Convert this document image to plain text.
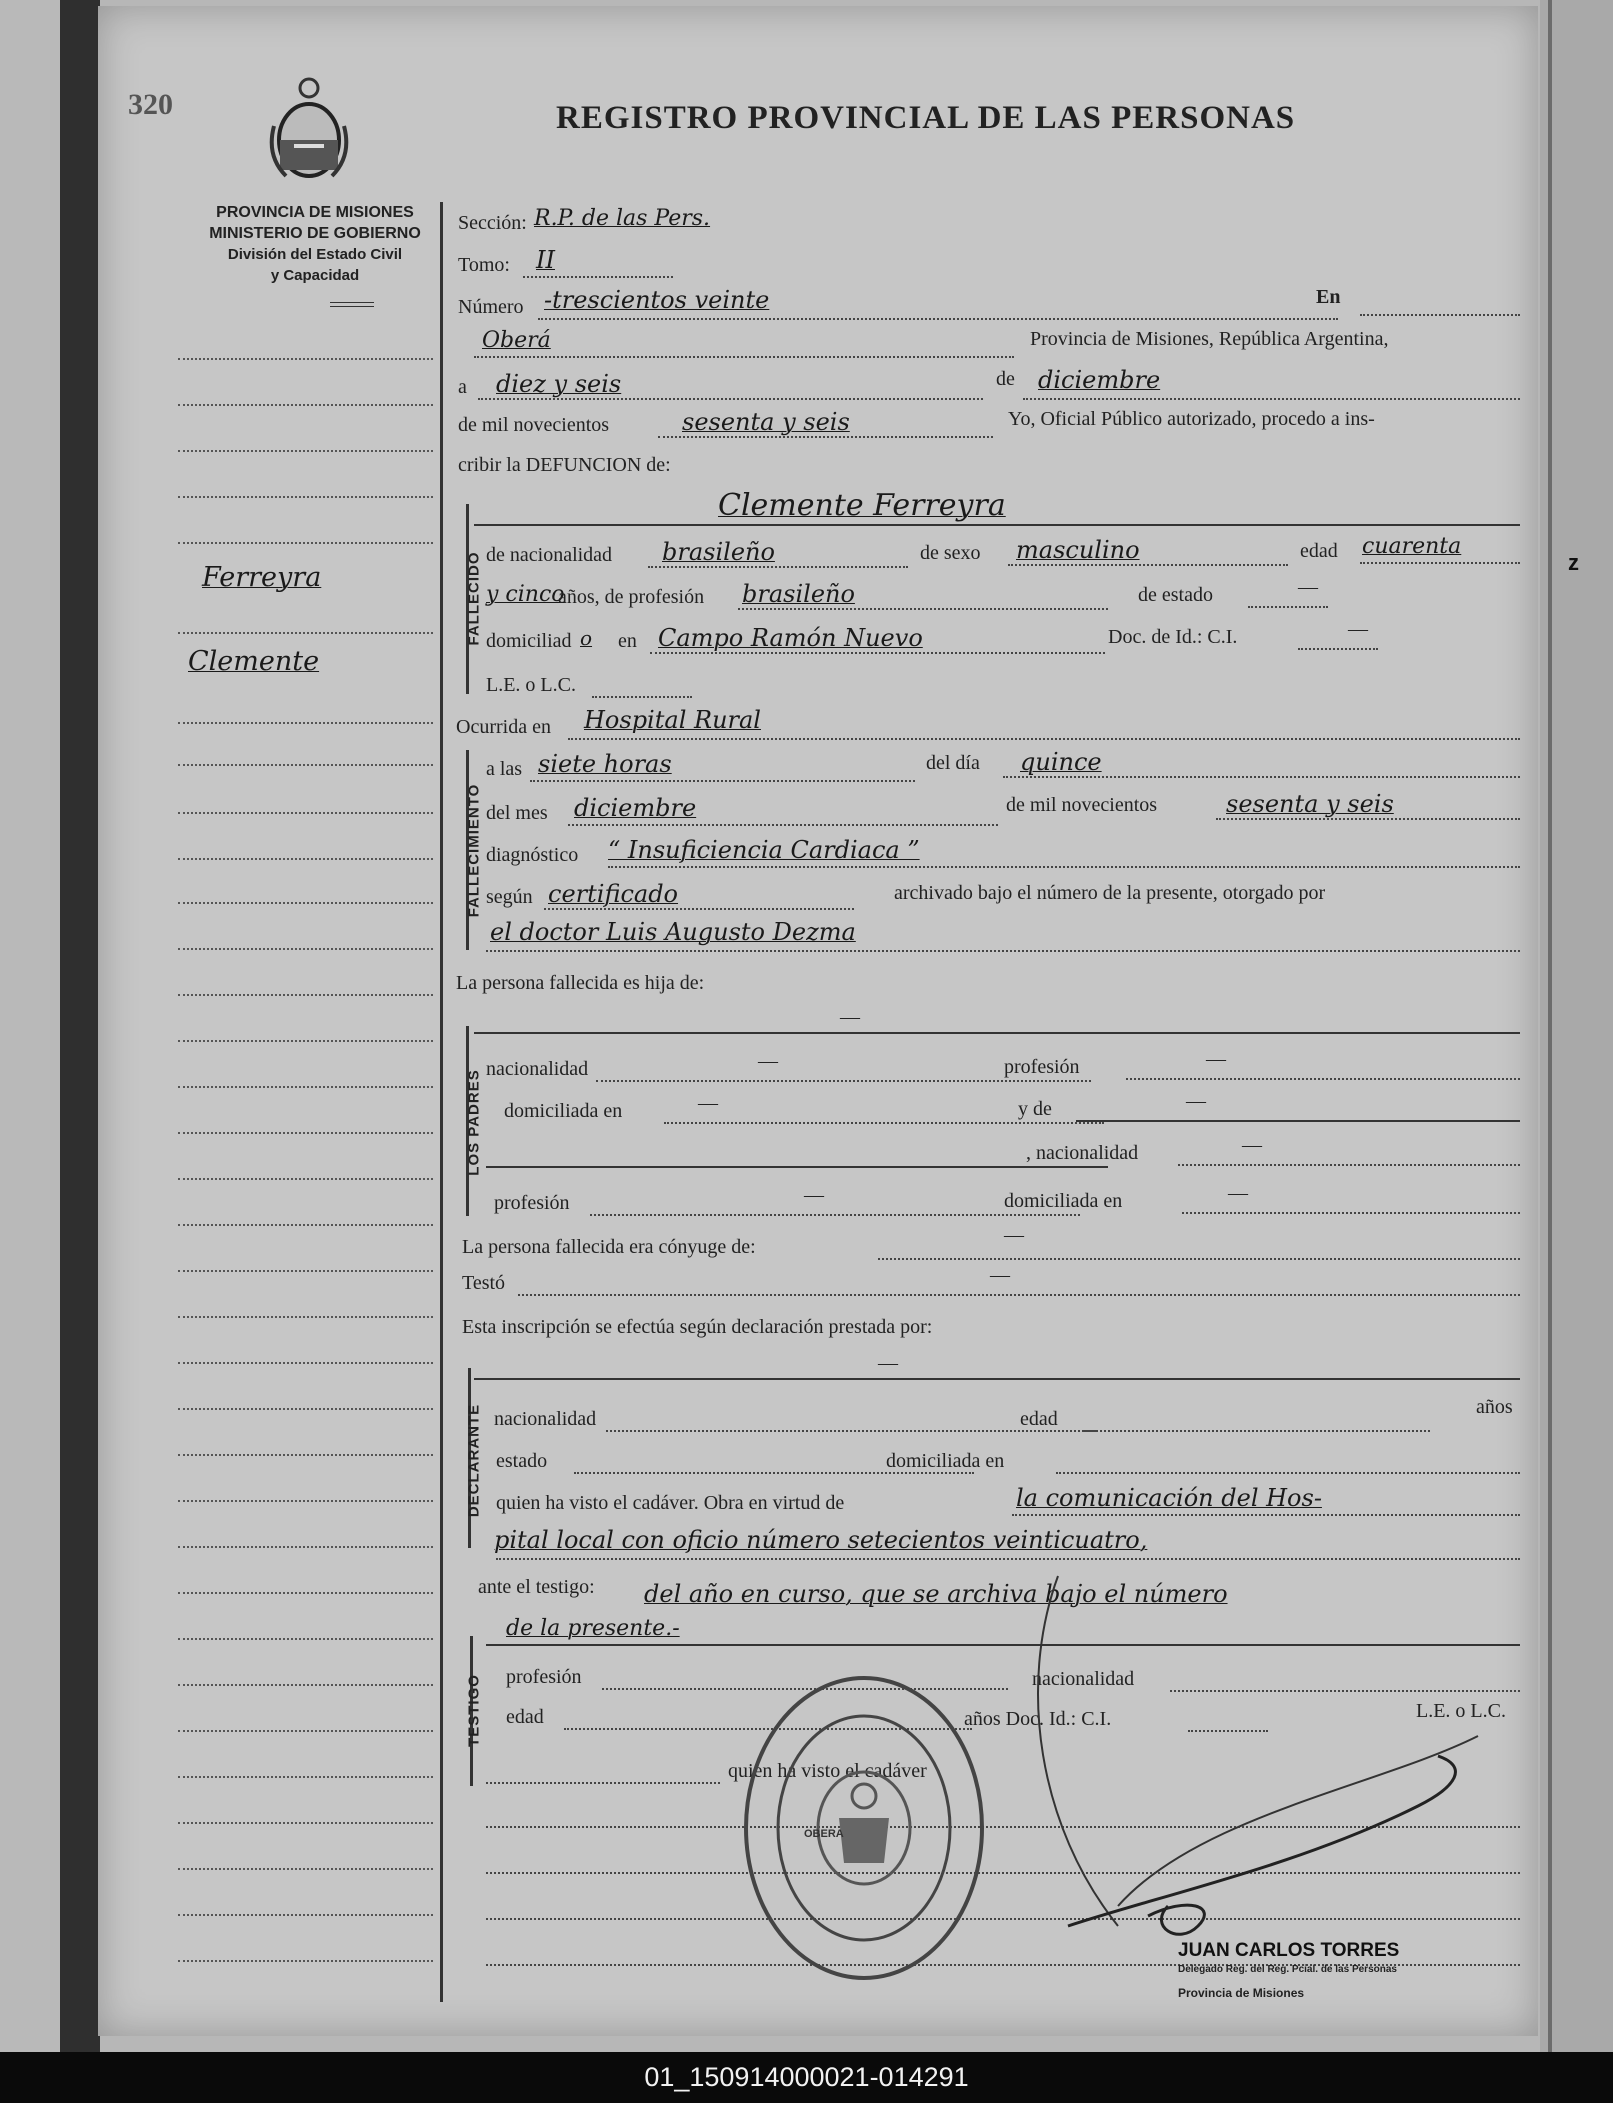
z
320	REGISTRO PROVINCIAL DE LAS PERSONAS
PROVINCIA DE MISIONES
MINISTERIO DE GOBIERNO
División del Estado Civil
y Capacidad
Ferreyra
Clemente
Sección: R.P. de las Pers.
Tomo: II
Número -trescientos veinte	En
Oberá	Provincia de Misiones, República Argentina,
a diez y seis	de diciembre
de mil novecientos	sesenta y seis	Yo, Oficial Público autorizado, procedo a ins-
cribir la DEFUNCION de:
FALLECIDO
Clemente Ferreyra
de nacionalidad brasileño	de sexo masculino	edad cuarenta
y cinco
años, de profesión brasileño	de estado	—
domiciliad o en Campo Ramón Nuevo	Doc. de Id.: C.I.	—
L.E. o L.C.
Ocurrida en Hospital Rural
FALLECIMIENTO
a las siete horas	del día quince
del mes diciembre	de mil novecientos	sesenta y seis
diagnóstico “ Insuficiencia Cardiaca ”
según certificado	archivado bajo el número de la presente, otorgado por
el doctor Luis Augusto Dezma
La persona fallecida es hija de:
—
LOS PADRES
nacionalidad	—	profesión	—
domiciliada en	—	y de	—
, nacionalidad	—
profesión	—	domiciliada en	—
La persona fallecida era cónyuge de:
—
Testó	—
Esta inscripción se efectúa según declaración prestada por:
—
DECLARANTE nacionalidad	edad
años
estado	domiciliada en
quien ha visto el cadáver. Obra en virtud de	la comunicación del Hos-
pital local con oficio número setecientos veinticuatro,
ante el testigo: del año en curso, que se archiva bajo el número
de la presente.-
TESTIGO profesión	nacionalidad
edad	años Doc. Id.: C.I.	L.E. o L.C.
quien ha visto el cadáver
OBERA
JUAN CARLOS TORRES
Delegado Reg. del Reg. Pcial. de las Personas
Provincia de Misiones
01_150914000021-014291
